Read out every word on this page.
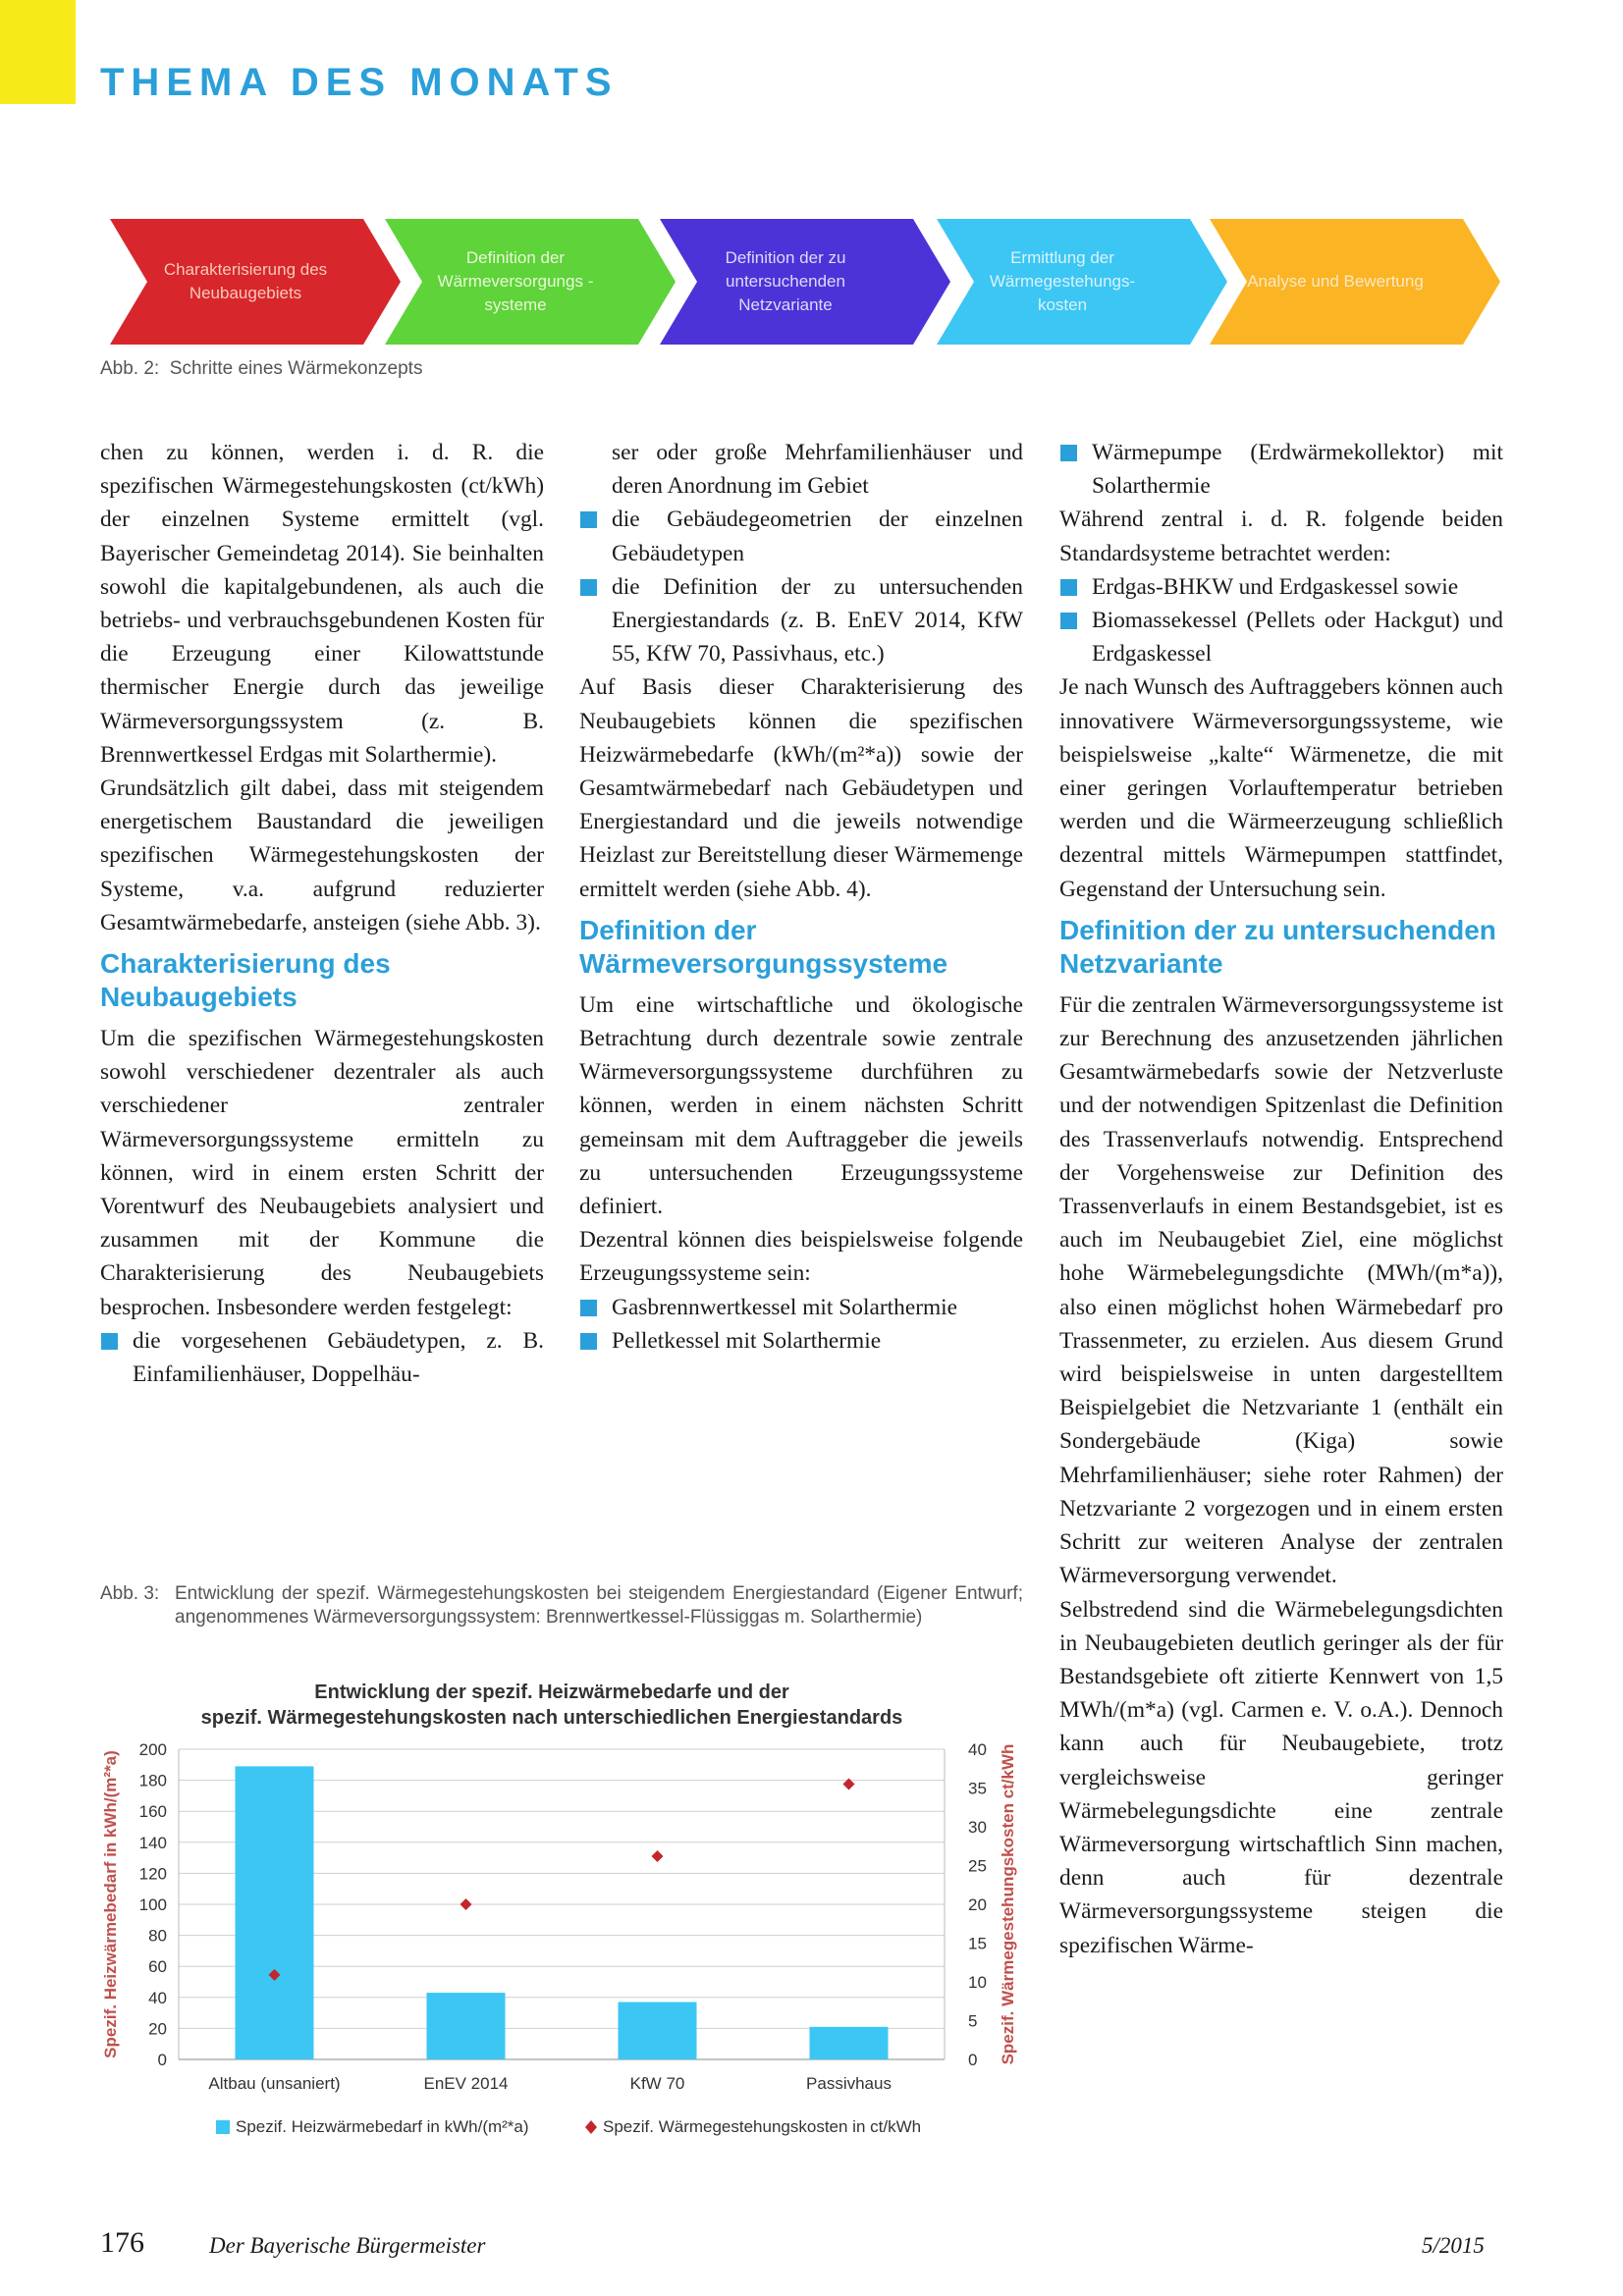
THEMA DES MONATS
Charakterisierung des Neubaugebiets
Definition der Wärmeversorgungs -systeme
Definition der zu untersuchenden Netzvariante
Ermittlung der Wärmegestehungs- kosten
Analyse und Bewertung
Abb. 2: Schritte eines Wärmekonzepts

chen zu können, werden i. d. R. die spezifischen Wärmegestehungskosten (ct/kWh) der einzelnen Systeme ermittelt (vgl. Bayerischer Gemeindetag 2014). Sie beinhalten sowohl die kapitalgebundenen, als auch die betriebs- und verbrauchsgebundenen Kosten für die Erzeugung einer Kilowattstunde thermischer Energie durch das jeweilige Wärmeversorgungssystem (z. B. Brennwertkessel Erdgas mit Solarthermie).

Grundsätzlich gilt dabei, dass mit steigendem energetischem Baustandard die jeweiligen spezifischen Wärmegestehungskosten der Systeme, v.a. aufgrund reduzierter Gesamtwärmebedarfe, ansteigen (siehe Abb. 3).

Charakterisierung des Neubaugebiets

Um die spezifischen Wärmegestehungskosten sowohl verschiedener dezentraler als auch verschiedener zentraler Wärmeversorgungssysteme ermitteln zu können, wird in einem ersten Schritt der Vorentwurf des Neubaugebiets analysiert und zusammen mit der Kommune die Charakterisierung des Neubaugebiets besprochen. Insbesondere werden festgelegt:

die vorgesehenen Gebäudetypen, z. B. Einfamilienhäuser, Doppelhäu-
ser oder große Mehrfamilienhäuser und deren Anordnung im Gebiet
die Gebäudegeometrien der einzelnen Gebäudetypen
die Definition der zu untersuchenden Energiestandards (z. B. EnEV 2014, KfW 55, KfW 70, Passivhaus, etc.)

Auf Basis dieser Charakterisierung des Neubaugebiets können die spezifischen Heizwärmebedarfe (kWh/(m²*a)) sowie der Gesamtwärmebedarf nach Gebäudetypen und Energiestandard und die jeweils notwendige Heizlast zur Bereitstellung dieser Wärmemenge ermittelt werden (siehe Abb. 4).

Definition der Wärmeversorgungssysteme

Um eine wirtschaftliche und ökologische Betrachtung durch dezentrale sowie zentrale Wärmeversorgungssysteme durchführen zu können, werden in einem nächsten Schritt gemeinsam mit dem Auftraggeber die jeweils zu untersuchenden Erzeugungssysteme definiert.

Dezentral können dies beispielsweise folgende Erzeugungssysteme sein:

Gasbrennwertkessel mit Solarthermie
Pelletkessel mit Solarthermie
Wärmepumpe (Erdwärmekollektor) mit Solarthermie

Während zentral i. d. R. folgende beiden Standardsysteme betrachtet werden:

Erdgas-BHKW und Erdgaskessel sowie
Biomassekessel (Pellets oder Hackgut) und Erdgaskessel

Je nach Wunsch des Auftraggebers können auch innovativere Wärmeversorgungssysteme, wie beispielsweise „kalte“ Wärmenetze, die mit einer geringen Vorlauftemperatur betrieben werden und die Wärmeerzeugung schließlich dezentral mittels Wärmepumpen stattfindet, Gegenstand der Untersuchung sein.

Definition der zu untersuchenden Netzvariante

Für die zentralen Wärmeversorgungssysteme ist zur Berechnung des anzusetzenden jährlichen Gesamtwärmebedarfs sowie der Netzverluste und der notwendigen Spitzenlast die Definition des Trassenverlaufs notwendig. Entsprechend der Vorgehensweise zur Definition des Trassenverlaufs in einem Bestandsgebiet, ist es auch im Neubaugebiet Ziel, eine möglichst hohe Wärmebelegungsdichte (MWh/(m*a)), also einen möglichst hohen Wärmebedarf pro Trassenmeter, zu erzielen. Aus diesem Grund wird beispielsweise in unten dargestelltem Beispielgebiet die Netzvariante 1 (enthält ein Sondergebäude (Kiga) sowie Mehrfamilienhäuser; siehe roter Rahmen) der Netzvariante 2 vorgezogen und in einem ersten Schritt zur weiteren Analyse der zentralen Wärmeversorgung verwendet.

Selbstredend sind die Wärmebelegungsdichten in Neubaugebieten deutlich geringer als der für Bestandsgebiete oft zitierte Kennwert von 1,5 MWh/(m*a) (vgl. Carmen e. V. o.A.). Dennoch kann auch für Neubaugebiete, trotz vergleichsweise geringer Wärmebelegungsdichte eine zentrale Wärmeversorgung wirtschaftlich Sinn machen, denn auch für dezentrale Wärmeversorgungssysteme steigen die spezifischen Wärme-

Abb. 3: Entwicklung der spezif. Wärmegestehungskosten bei steigendem Energiestandard (Eigener Entwurf; angenommenes Wärmeversorgungssystem: Brennwertkessel-Flüssiggas m. Solarthermie)
Entwicklung der spezif. Heizwärmebedarfe und der
spezif. Wärmegestehungskosten nach unterschiedlichen Energiestandards
0
20
40
60
80
100
120
140
160
180
200
0
5
10
15
20
25
30
35
40
Spezif. Heizwärmebedarf in kWh/(m²*a)	Spezif. Wärmegestehungskosten ct/kWh
Altbau (unsaniert)	EnEV 2014	KfW 70	Passivhaus
Spezif. Heizwärmebedarf in kWh/(m²*a)	Spezif. Wärmegestehungskosten in ct/kWh
176	Der Bayerische Bürgermeister	5/2015
